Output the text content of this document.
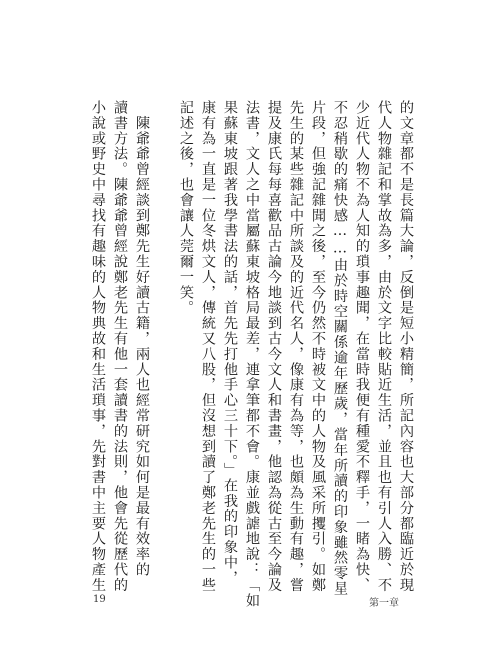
的文章都不是長篇大論，反倒是短小精簡，所記內容也大部分都臨近於現
代人物雜記和掌故為多，由於文字比較貼近生活，並且也有引人入勝、不
少近代人物不為人知的瑣事趣聞，在當時我便有種愛不釋手，一睹為快、
不忍稍歇的痛快感……由於時空關係逾年歷歲，當年所讀的印象雖然零星
片段，但強記雜聞之後，至今仍然不時被文中的人物及風采所攫引。如鄭
先生的某些雜記中所談及的近代名人，像康有為等，也頗為生動有趣，嘗
提及康氏每每喜歡品古論今地談到古今文人和書畫，他認為從古至今論及
法書，文人之中當屬蘇東坡格局最差，連拿筆都不會。康並戲謔地說：「如
果蘇東坡跟著我學書法的話，首先先打他手心三十下。」在我的印象中，
康有為一直是一位冬烘文人，傳統又八股，但沒想到讀了鄭老先生的一些
記述之後，也會讓人莞爾一笑。
　陳爺爺曾經談到鄭先生好讀古籍，兩人也經常研究如何是最有效率的
讀書方法。陳爺爺曾經說鄭老先生有他一套讀書的法則，他會先從歷代的
小說或野史中尋找有趣味的人物典故和生活瑣事，先對書中主要人物產生
19	第一章
